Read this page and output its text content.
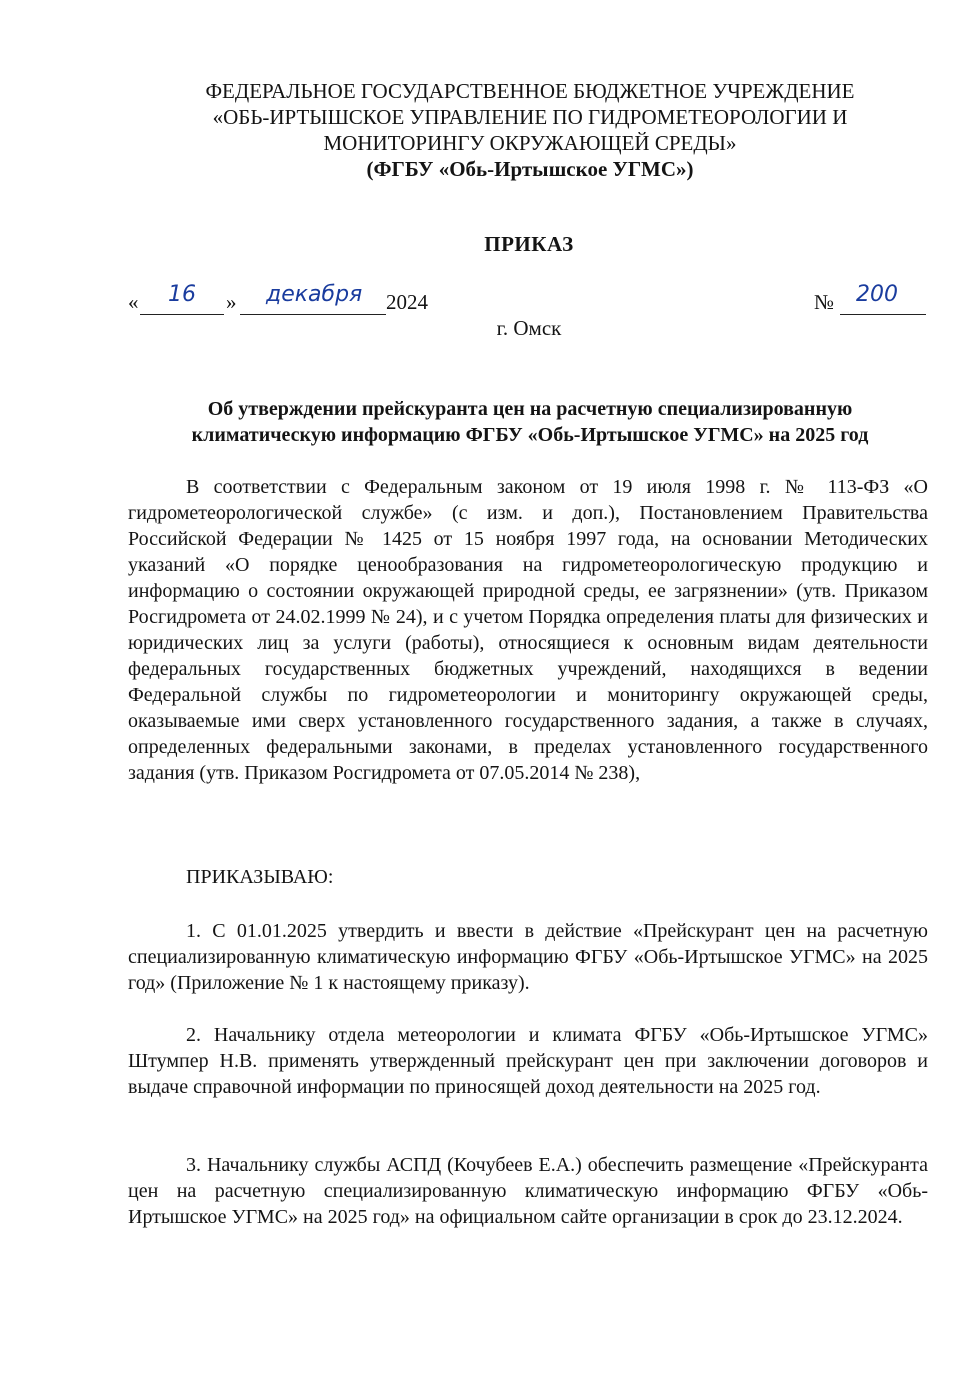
ФЕДЕРАЛЬНОЕ ГОСУДАРСТВЕННОЕ БЮДЖЕТНОЕ УЧРЕЖДЕНИЕ
«ОБЬ-ИРТЫШСКОЕ УПРАВЛЕНИЕ ПО ГИДРОМЕТЕОРОЛОГИИ И
МОНИТОРИНГУ ОКРУЖАЮЩЕЙ СРЕДЫ»
(ФГБУ «Обь-Иртышское УГМС»)
ПРИКАЗ
« 16 » декабря 2024	№ 200
г. Омск
Об утверждении прейскуранта цен на расчетную специализированную
климатическую информацию ФГБУ «Обь-Иртышское УГМС» на 2025 год
В соответствии с Федеральным законом от 19 июля 1998 г. № 113-ФЗ «О гидрометеорологической службе» (с изм. и доп.), Постановлением Правительства Российской Федерации № 1425 от 15 ноября 1997 года, на основании Методических указаний «О порядке ценообразования на гидрометеорологическую продукцию и информацию о состоянии окружающей природной среды, ее загрязнении» (утв. Приказом Росгидромета от 24.02.1999 № 24), и с учетом Порядка определения платы для физических и юридических лиц за услуги (работы), относящиеся к основным видам деятельности федеральных государственных бюджетных учреждений, находящихся в ведении Федеральной службы по гидрометеорологии и мониторингу окружающей среды, оказываемые ими сверх установленного государственного задания, а также в случаях, определенных федеральными законами, в пределах установленного государственного задания (утв. Приказом Росгидромета от 07.05.2014 № 238),
ПРИКАЗЫВАЮ:
1. С 01.01.2025 утвердить и ввести в действие «Прейскурант цен на расчетную специализированную климатическую информацию ФГБУ «Обь-Иртышское УГМС» на 2025 год» (Приложение № 1 к настоящему приказу).
2. Начальнику отдела метеорологии и климата ФГБУ «Обь-Иртышское УГМС» Штумпер Н.В. применять утвержденный прейскурант цен при заключении договоров и выдаче справочной информации по приносящей доход деятельности на 2025 год.
3. Начальнику службы АСПД (Кочубеев Е.А.) обеспечить размещение «Прейскуранта цен на расчетную специализированную климатическую информацию ФГБУ «Обь-Иртышское УГМС» на 2025 год» на официальном сайте организации в срок до 23.12.2024.
